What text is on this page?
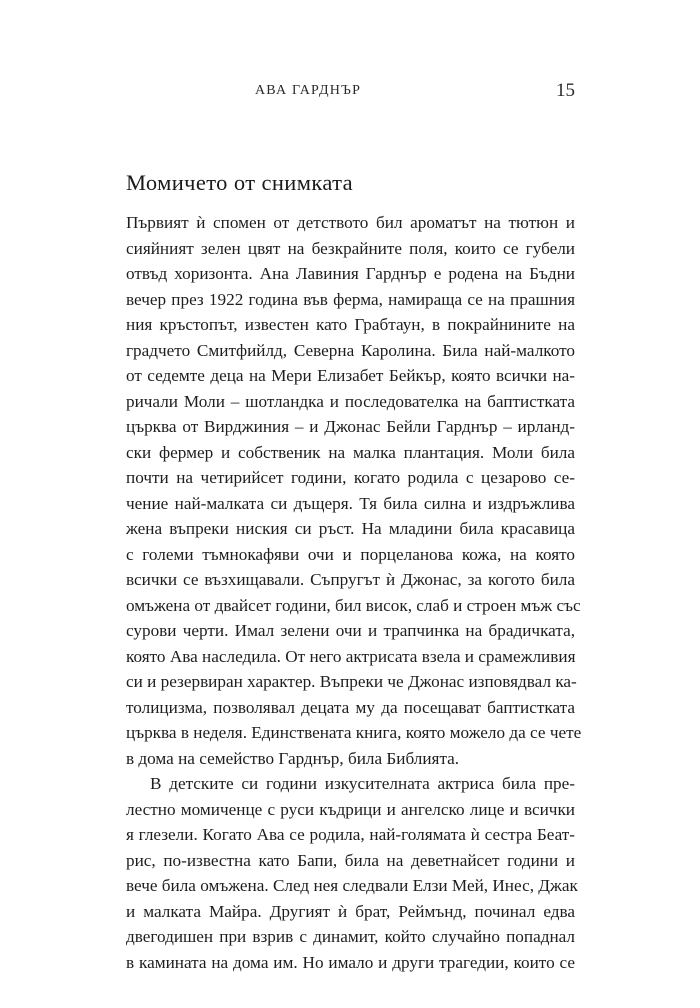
АВА ГАРДНЪР	15
Момичето от снимката
Първият ѝ спомен от детството бил ароматът на тютюн и
сияйният зелен цвят на безкрайните поля, които се губели
отвъд хоризонта. Ана Лавиния Гарднър е родена на Бъдни
вечер през 1922 година във ферма, намираща се на прашния
ния кръстопът, известен като Грабтаун, в покрайнините на
градчето Смитфийлд, Северна Каролина. Била най-малкото
от седемте деца на Мери Елизабет Бейкър, която всички на-
ричали Моли – шотландка и последователка на баптистката
църква от Вирджиния – и Джонас Бейли Гарднър – ирланд-
ски фермер и собственик на малка плантация. Моли била
почти на четирийсет години, когато родила с цезарово се-
чение най-малката си дъщеря. Тя била силна и издръжлива
жена въпреки ниския си ръст. На младини била красавица
с големи тъмнокафяви очи и порцеланова кожа, на която
всички се възхищавали. Съпругът ѝ Джонас, за когото била
омъжена от двайсет години, бил висок, слаб и строен мъж със
сурови черти. Имал зелени очи и трапчинка на брадичката,
която Ава наследила. От него актрисата взела и срамежливия
си и резервиран характер. Въпреки че Джонас изповядвал ка-
толицизма, позволявал децата му да посещават баптистката
църква в неделя. Единствената книга, която можело да се чете
в дома на семейство Гарднър, била Библията.
В детските си години изкусителната актриса била пре-
лестно момиченце с руси къдрици и ангелско лице и всички
я глезели. Когато Ава се родила, най-голямата ѝ сестра Беат-
рис, по-известна като Бапи, била на деветнайсет години и
вече била омъжена. След нея следвали Елзи Мей, Инес, Джак
и малката Майра. Другият ѝ брат, Реймънд, починал едва
двегодишен при взрив с динамит, който случайно попаднал
в камината на дома им. Но имало и други трагедии, които се
